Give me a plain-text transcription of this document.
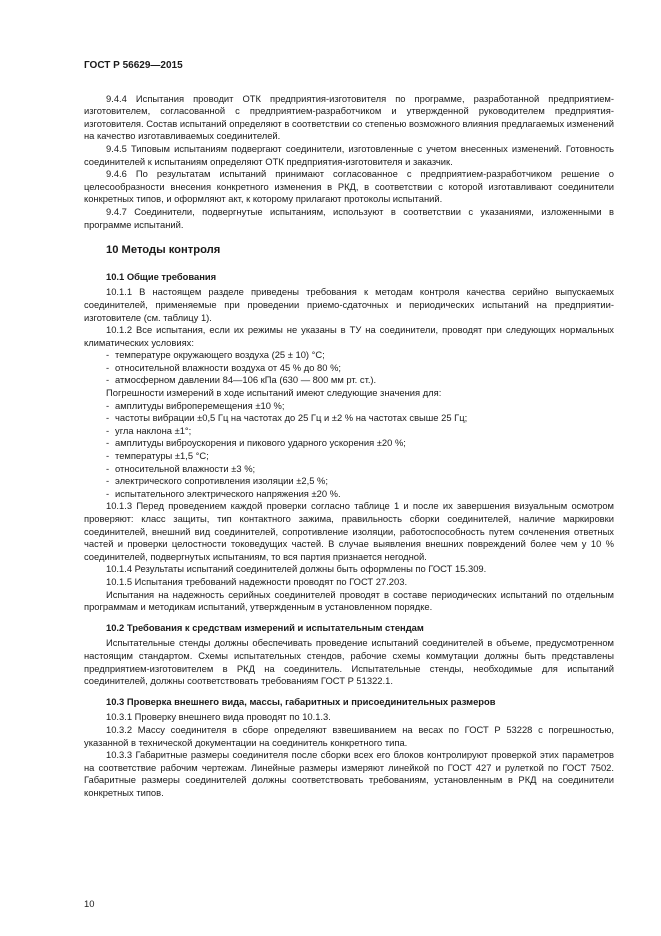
ГОСТ Р 56629—2015

9.4.4 Испытания проводит ОТК предприятия-изготовителя по программе, разработанной предприятием-изготовителем, согласованной с предприятием-разработчиком и утвержденной руководителем предприятия-изготовителя. Состав испытаний определяют в соответствии со степенью возможного влияния предлагаемых изменений на качество изготавливаемых соединителей.

9.4.5 Типовым испытаниям подвергают соединители, изготовленные с учетом внесенных изменений. Готовность соединителей к испытаниям определяют ОТК предприятия-изготовителя и заказчик.

9.4.6 По результатам испытаний принимают согласованное с предприятием-разработчиком решение о целесообразности внесения конкретного изменения в РКД, в соответствии с которой изготавливают соединители конкретных типов, и оформляют акт, к которому прилагают протоколы испытаний.

9.4.7 Соединители, подвергнутые испытаниям, используют в соответствии с указаниями, изложенными в программе испытаний.

10 Методы контроля
10.1 Общие требования

10.1.1 В настоящем разделе приведены требования к методам контроля качества серийно выпускаемых соединителей, применяемые при проведении приемо-сдаточных и периодических испытаний на предприятии-изготовителе (см. таблицу 1).

10.1.2 Все испытания, если их режимы не указаны в ТУ на соединители, проводят при следующих нормальных климатических условиях:

- температуре окружающего воздуха (25 ± 10) °С;
- относительной влажности воздуха от 45 % до 80 %;
- атмосферном давлении 84—106 кПа (630 — 800 мм рт. ст.).

Погрешности измерений в ходе испытаний имеют следующие значения для:

- амплитуды виброперемещения ±10 %;
- частоты вибрации ±0,5 Гц на частотах до 25 Гц и ±2 % на частотах свыше 25 Гц;
- угла наклона ±1°;
- амплитуды виброускорения и пикового ударного ускорения ±20 %;
- температуры ±1,5 °С;
- относительной влажности ±3 %;
- электрического сопротивления изоляции ±2,5 %;
- испытательного электрического напряжения ±20 %.

10.1.3 Перед проведением каждой проверки согласно таблице 1 и после их завершения визуальным осмотром проверяют: класс защиты, тип контактного зажима, правильность сборки соединителей, наличие маркировки соединителей, внешний вид соединителей, сопротивление изоляции, работоспособность путем сочленения ответных частей и проверки целостности токоведущих частей. В случае выявления внешних повреждений более чем у 10 % соединителей, подвергнутых испытаниям, то вся партия признается негодной.

10.1.4 Результаты испытаний соединителей должны быть оформлены по ГОСТ 15.309.

10.1.5 Испытания требований надежности проводят по ГОСТ 27.203.

Испытания на надежность серийных соединителей проводят в составе периодических испытаний по отдельным программам и методикам испытаний, утвержденным в установленном порядке.

10.2 Требования к средствам измерений и испытательным стендам

Испытательные стенды должны обеспечивать проведение испытаний соединителей в объеме, предусмотренном настоящим стандартом. Схемы испытательных стендов, рабочие схемы коммутации должны быть представлены предприятием-изготовителем в РКД на соединитель. Испытательные стенды, необходимые для испытаний соединителей, должны соответствовать требованиям ГОСТ Р 51322.1.

10.3 Проверка внешнего вида, массы, габаритных и присоединительных размеров

10.3.1 Проверку внешнего вида проводят по 10.1.3.

10.3.2 Массу соединителя в сборе определяют взвешиванием на весах по ГОСТ Р 53228 с погрешностью, указанной в технической документации на соединитель конкретного типа.

10.3.3 Габаритные размеры соединителя после сборки всех его блоков контролируют проверкой этих параметров на соответствие рабочим чертежам. Линейные размеры измеряют линейкой по ГОСТ 427 и рулеткой по ГОСТ 7502. Габаритные размеры соединителей должны соответствовать требованиям, установленным в РКД на соединители конкретных типов.

10
